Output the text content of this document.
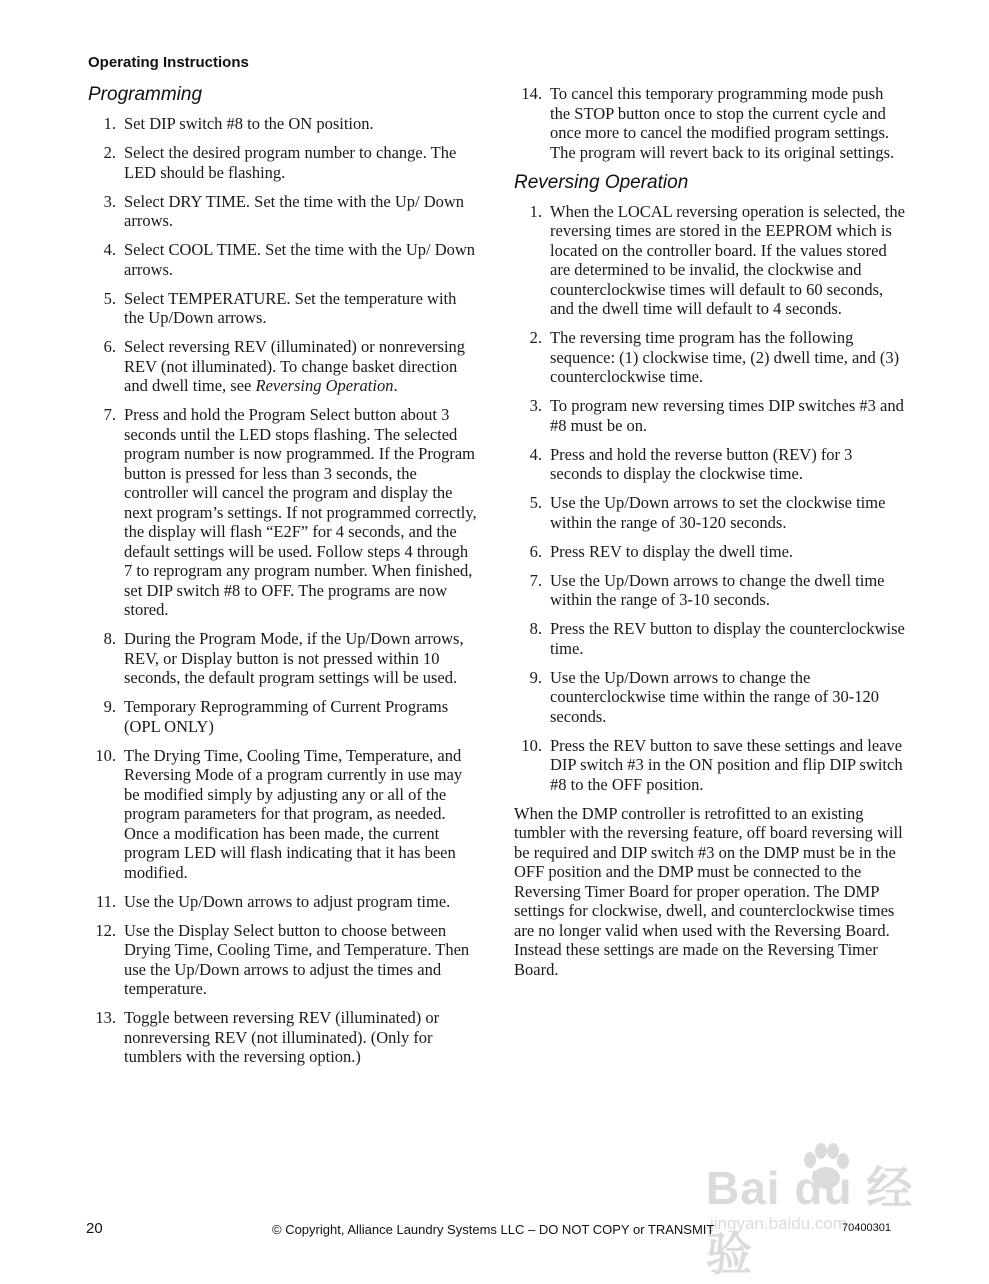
Operating Instructions
Programming
1. Set DIP switch #8 to the ON position.
2. Select the desired program number to change. The LED should be flashing.
3. Select DRY TIME. Set the time with the Up/ Down arrows.
4. Select COOL TIME. Set the time with the Up/ Down arrows.
5. Select TEMPERATURE. Set the temperature with the Up/Down arrows.
6. Select reversing REV (illuminated) or nonreversing REV (not illuminated). To change basket direction and dwell time, see Reversing Operation.
7. Press and hold the Program Select button about 3 seconds until the LED stops flashing. The selected program number is now programmed. If the Program button is pressed for less than 3 seconds, the controller will cancel the program and display the next program’s settings. If not programmed correctly, the display will flash “E2F” for 4 seconds, and the default settings will be used. Follow steps 4 through 7 to reprogram any program number. When finished, set DIP switch #8 to OFF. The programs are now stored.
8. During the Program Mode, if the Up/Down arrows, REV, or Display button is not pressed within 10 seconds, the default program settings will be used.
9. Temporary Reprogramming of Current Programs (OPL ONLY)
10. The Drying Time, Cooling Time, Temperature, and Reversing Mode of a program currently in use may be modified simply by adjusting any or all of the program parameters for that program, as needed. Once a modification has been made, the current program LED will flash indicating that it has been modified.
11. Use the Up/Down arrows to adjust program time.
12. Use the Display Select button to choose between Drying Time, Cooling Time, and Temperature. Then use the Up/Down arrows to adjust the times and temperature.
13. Toggle between reversing REV (illuminated) or nonreversing REV (not illuminated). (Only for tumblers with the reversing option.)
14. To cancel this temporary programming mode push the STOP button once to stop the current cycle and once more to cancel the modified program settings. The program will revert back to its original settings.
Reversing Operation
1. When the LOCAL reversing operation is selected, the reversing times are stored in the EEPROM which is located on the controller board. If the values stored are determined to be invalid, the clockwise and counterclockwise times will default to 60 seconds, and the dwell time will default to 4 seconds.
2. The reversing time program has the following sequence: (1) clockwise time, (2) dwell time, and (3) counterclockwise time.
3. To program new reversing times DIP switches #3 and #8 must be on.
4. Press and hold the reverse button (REV) for 3 seconds to display the clockwise time.
5. Use the Up/Down arrows to set the clockwise time within the range of 30-120 seconds.
6. Press REV to display the dwell time.
7. Use the Up/Down arrows to change the dwell time within the range of 3-10 seconds.
8. Press the REV button to display the counterclockwise time.
9. Use the Up/Down arrows to change the counterclockwise time within the range of 30-120 seconds.
10. Press the REV button to save these settings and leave DIP switch #3 in the ON position and flip DIP switch #8 to the OFF position.

When the DMP controller is retrofitted to an existing tumbler with the reversing feature, off board reversing will be required and DIP switch #3 on the DMP must be in the OFF position and the DMP must be connected to the Reversing Timer Board for proper operation. The DMP settings for clockwise, dwell, and counterclockwise times are no longer valid when used with the Reversing Board. Instead these settings are made on the Reversing Timer Board.

Bai du 经验
jingyan.baidu.com
20	© Copyright, Alliance Laundry Systems LLC – DO NOT COPY or TRANSMIT	70400301
